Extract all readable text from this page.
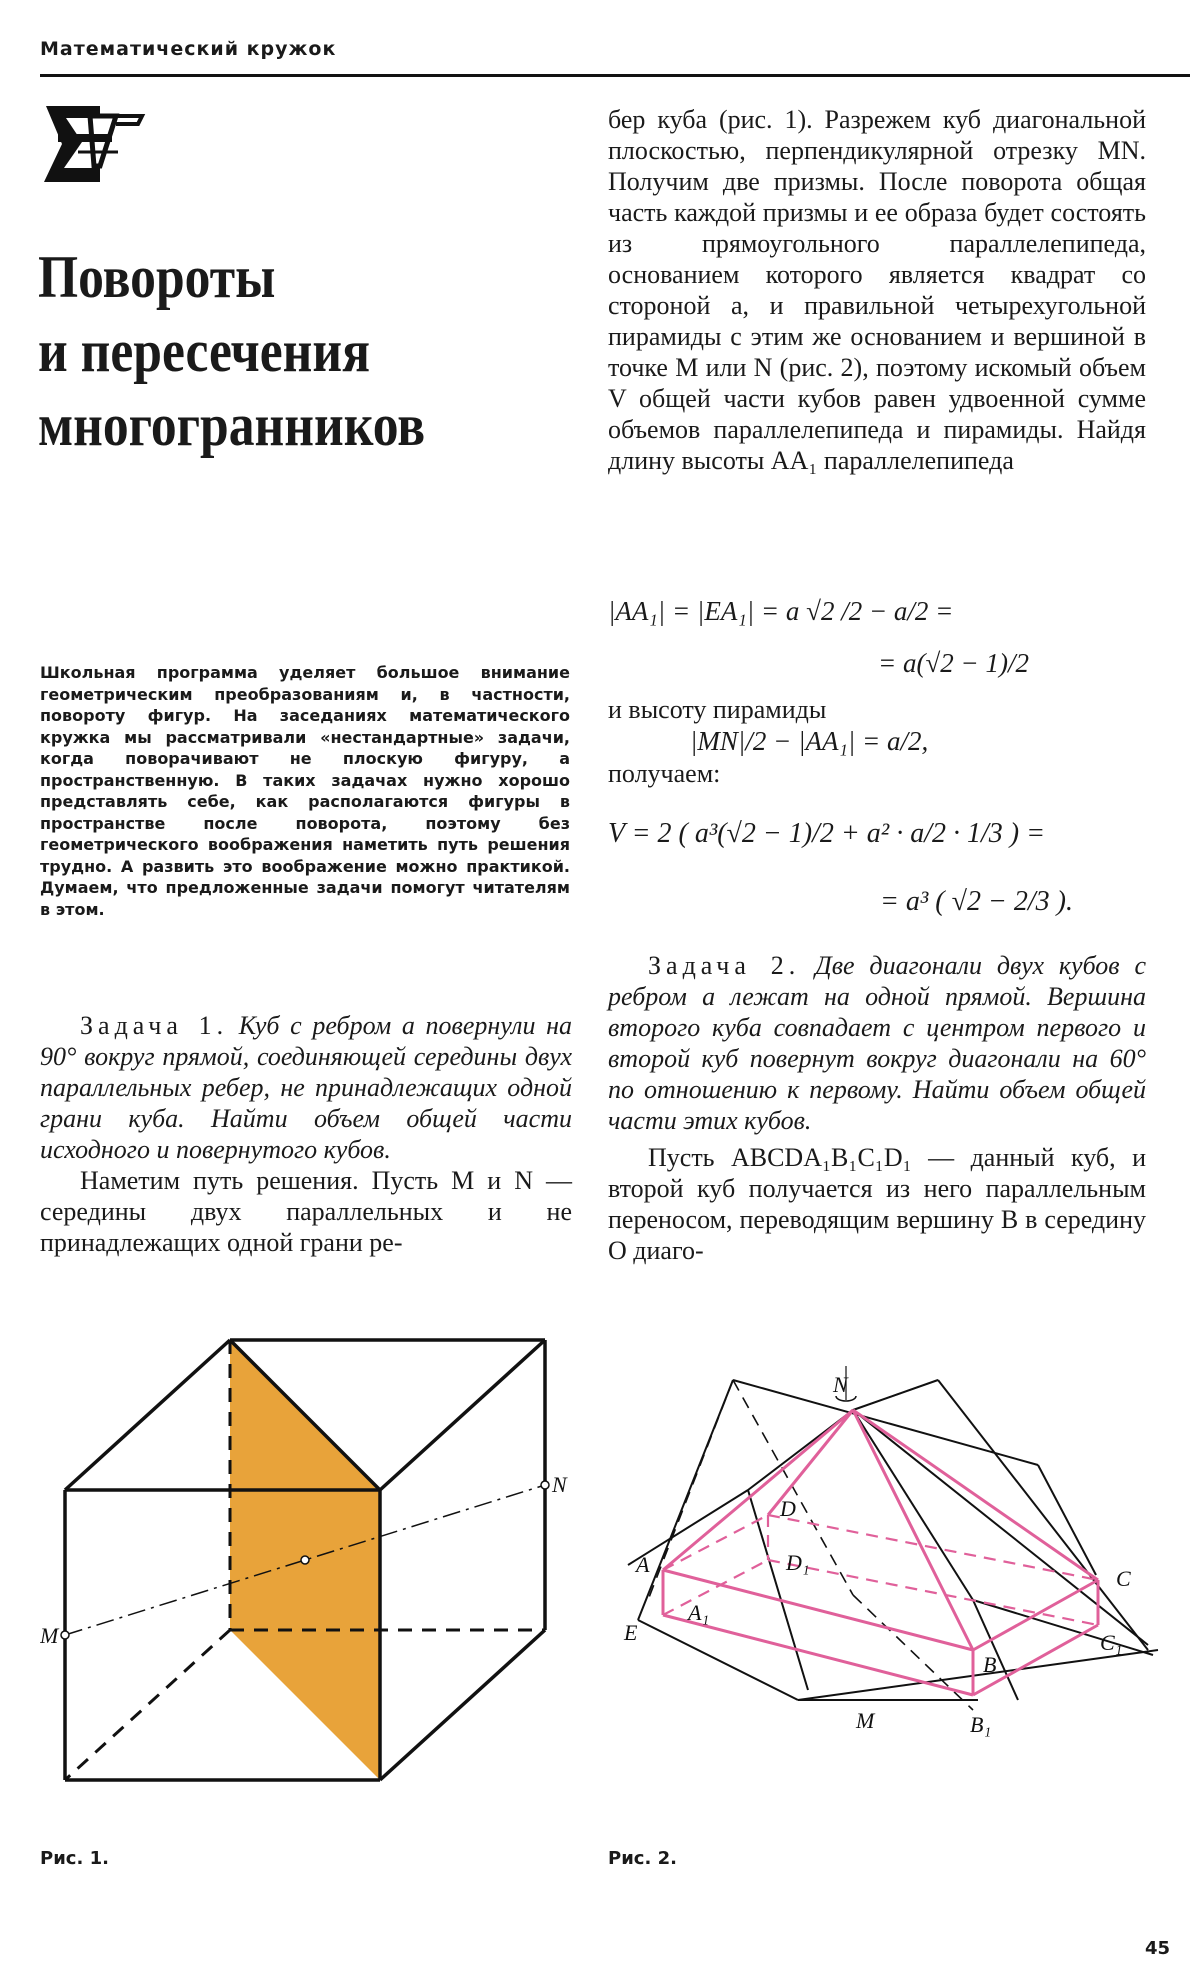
Математический кружок
Повороты
и пересечения
многогранников

Школьная программа уделяет большое внимание геометрическим преобразованиям и, в частности, повороту фигур. На заседаниях математического кружка мы рассматривали «нестандартные» задачи, когда поворачивают не плоскую фигуру, а пространственную. В таких задачах нужно хорошо представлять себе, как располагаются фигуры в пространстве после поворота, поэтому без геометрического воображения наметить путь решения трудно. А развить это воображение можно практикой. Думаем, что предложенные задачи помогут читателям в этом.

Задача 1. Куб с ребром a повернули на 90° вокруг прямой, соединяющей середины двух параллельных ребер, не принадлежащих одной грани куба. Найти объем общей части исходного и повернутого кубов.

Наметим путь решения. Пусть M и N — середины двух параллельных и не принадлежащих одной грани ре-

бер куба (рис. 1). Разрежем куб диагональной плоскостью, перпендикулярной отрезку MN. Получим две призмы. После поворота общая часть каждой призмы и ее образа будет состоять из прямоугольного параллелепипеда, основанием которого является квадрат со стороной a, и правильной четырехугольной пирамиды с этим же основанием и вершиной в точке M или N (рис. 2), поэтому искомый объем V общей части кубов равен удвоенной сумме объемов параллелепипеда и пирамиды. Найдя длину высоты AA₁ параллелепипеда

|AA₁| = |EA₁| = a √2 /2 − a/2 =
= a(√2 − 1)/2
и высоту пирамиды
|MN|/2 − |AA₁| = a/2,
получаем:
V = 2 ( a³(√2 − 1)/2 + a² · a/2 · 1/3 ) =
= a³ ( √2 − 2/3 ).

Задача 2. Две диагонали двух кубов с ребром a лежат на одной прямой. Вершина второго куба совпадает с центром первого и второй куб повернут вокруг диагонали на 60° по отношению к первому. Найти объем общей части этих кубов.

Пусть ABCDA₁B₁C₁D₁ — данный куб, и второй куб получается из него параллельным переносом, переводящим вершину B в середину O диаго-

M
N
Рис. 1.
N
A
E
A₁
D
D₁
C
C₁
B
B₁
M
Рис. 2.
45
